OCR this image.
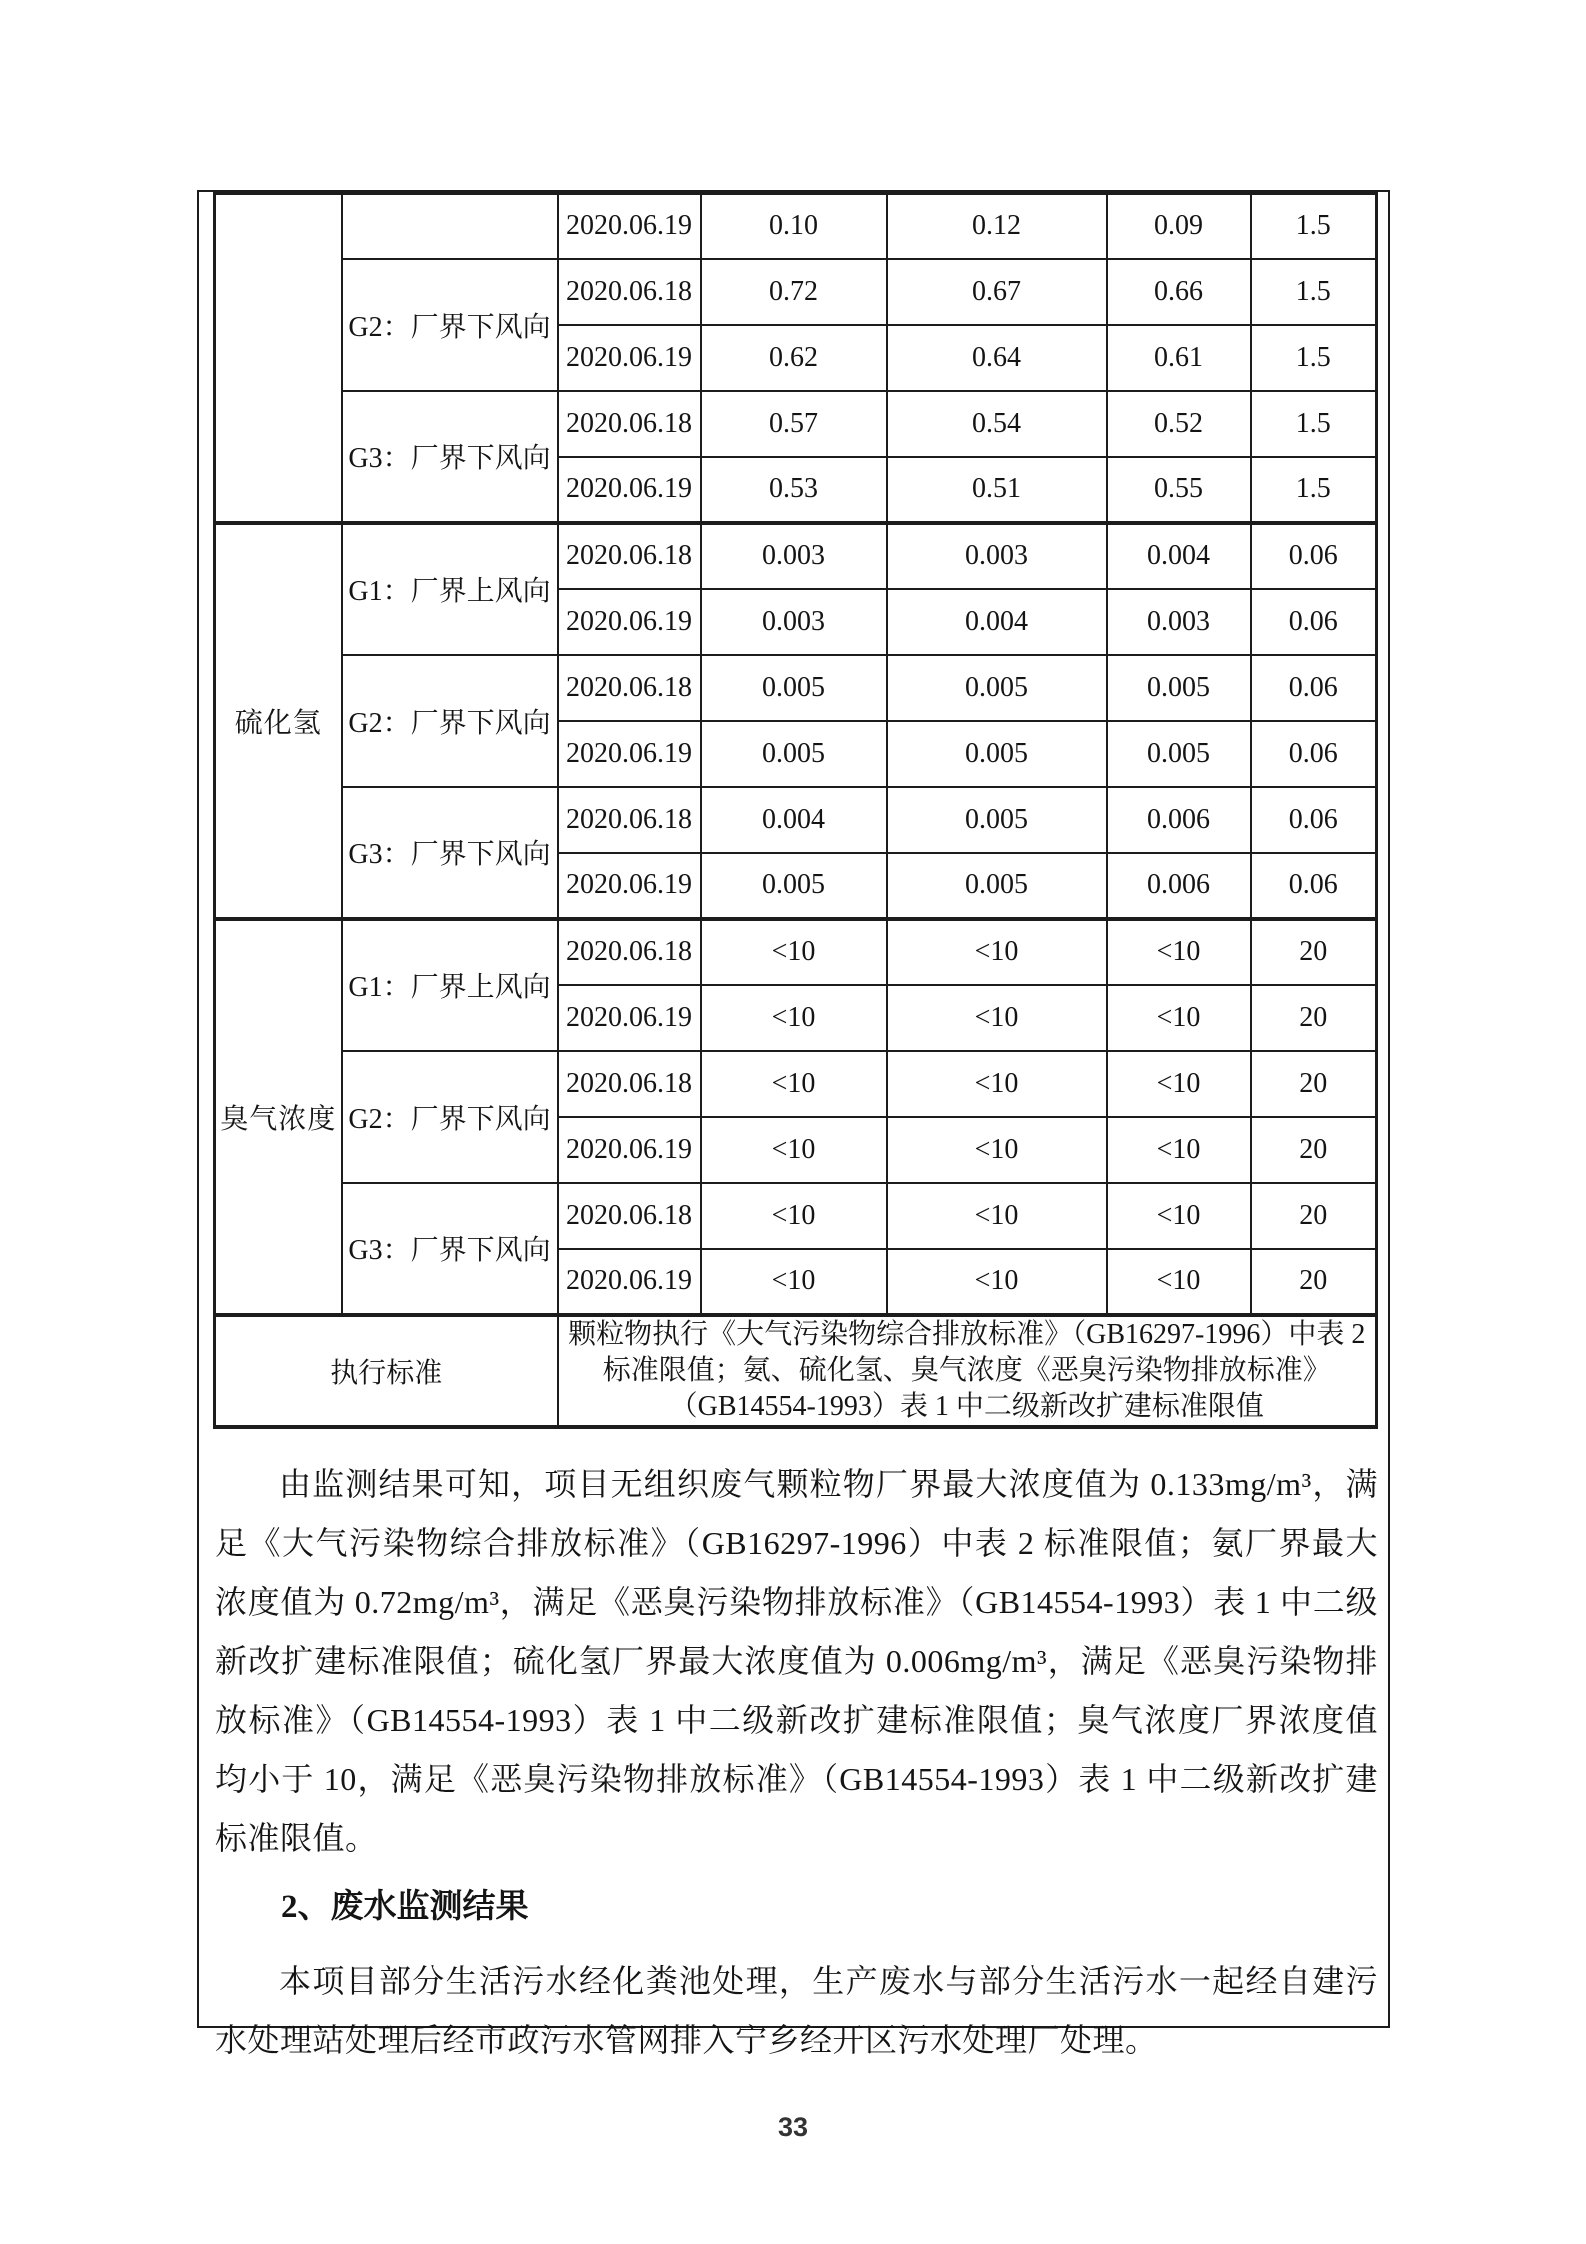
		2020.06.19	0.10	0.12	0.09	1.5
	G2：厂界下风向	2020.06.18	0.72	0.67	0.66	1.5
		2020.06.19	0.62	0.64	0.61	1.5
	G3：厂界下风向	2020.06.18	0.57	0.54	0.52	1.5
		2020.06.19	0.53	0.51	0.55	1.5
硫化氢	G1：厂界上风向	2020.06.18	0.003	0.003	0.004	0.06
		2020.06.19	0.003	0.004	0.003	0.06
	G2：厂界下风向	2020.06.18	0.005	0.005	0.005	0.06
		2020.06.19	0.005	0.005	0.005	0.06
	G3：厂界下风向	2020.06.18	0.004	0.005	0.006	0.06
		2020.06.19	0.005	0.005	0.006	0.06
臭气浓度	G1：厂界上风向	2020.06.18	<10	<10	<10	20
		2020.06.19	<10	<10	<10	20
	G2：厂界下风向	2020.06.18	<10	<10	<10	20
		2020.06.19	<10	<10	<10	20
	G3：厂界下风向	2020.06.18	<10	<10	<10	20
		2020.06.19	<10	<10	<10	20
执行标准		颗粒物执行《大气污染物综合排放标准》（GB16297-1996）中表 2 标准限值；氨、硫化氢、臭气浓度《恶臭污染物排放标准》（GB14554-1993）表 1 中二级新改扩建标准限值				

由监测结果可知，项目无组织废气颗粒物厂界最大浓度值为 0.133mg/m³，满足《大气污染物综合排放标准》（GB16297-1996）中表 2 标准限值；氨厂界最大浓度值为 0.72mg/m³，满足《恶臭污染物排放标准》（GB14554-1993）表 1 中二级新改扩建标准限值；硫化氢厂界最大浓度值为 0.006mg/m³，满足《恶臭污染物排放标准》（GB14554-1993）表 1 中二级新改扩建标准限值；臭气浓度厂界浓度值均小于 10，满足《恶臭污染物排放标准》（GB14554-1993）表 1 中二级新改扩建标准限值。

2、废水监测结果

本项目部分生活污水经化粪池处理，生产废水与部分生活污水一起经自建污水处理站处理后经市政污水管网排入宁乡经开区污水处理厂处理。

33
